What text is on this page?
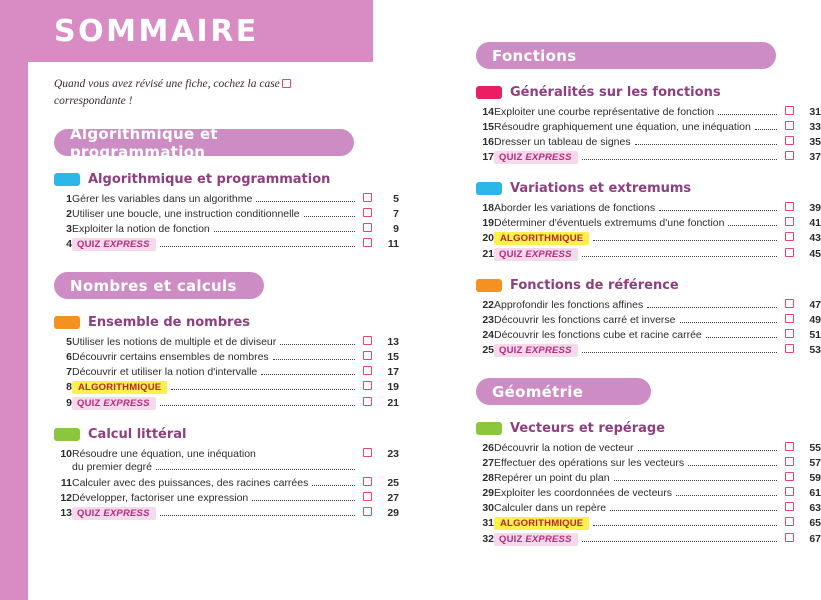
SOMMAIRE
Quand vous avez révisé une fiche, cochez la case
correspondante !
Algorithmique et programmation
Algorithmique et programmation
1	Gérer les variables dans un algorithme		5
2	Utiliser une boucle, une instruction conditionnelle		7
3	Exploiter la notion de fonction		9
4	QUIZ EXPRESS		11
Nombres et calculs
Ensemble de nombres
5	Utiliser les notions de multiple et de diviseur		13
6	Découvrir certains ensembles de nombres		15
7	Découvrir et utiliser la notion d'intervalle		17
8	ALGORITHMIQUE		19
9	QUIZ EXPRESS		21
Calcul littéral
10	Résoudre une équation, une inéquation
du premier degré		23
11	Calculer avec des puissances, des racines carrées		25
12	Développer, factoriser une expression		27
13	QUIZ EXPRESS		29
Fonctions
Généralités sur les fonctions
14	Exploiter une courbe représentative de fonction		31
15	Résoudre graphiquement une équation, une inéquation		33
16	Dresser un tableau de signes		35
17	QUIZ EXPRESS		37
Variations et extremums
18	Aborder les variations de fonctions		39
19	Déterminer d'éventuels extremums d'une fonction		41
20	ALGORITHMIQUE		43
21	QUIZ EXPRESS		45
Fonctions de référence
22	Approfondir les fonctions affines		47
23	Découvrir les fonctions carré et inverse		49
24	Découvrir les fonctions cube et racine carrée		51
25	QUIZ EXPRESS		53
Géométrie
Vecteurs et repérage
26	Découvrir la notion de vecteur		55
27	Effectuer des opérations sur les vecteurs		57
28	Repérer un point du plan		59
29	Exploiter les coordonnées de vecteurs		61
30	Calculer dans un repère		63
31	ALGORITHMIQUE		65
32	QUIZ EXPRESS		67
